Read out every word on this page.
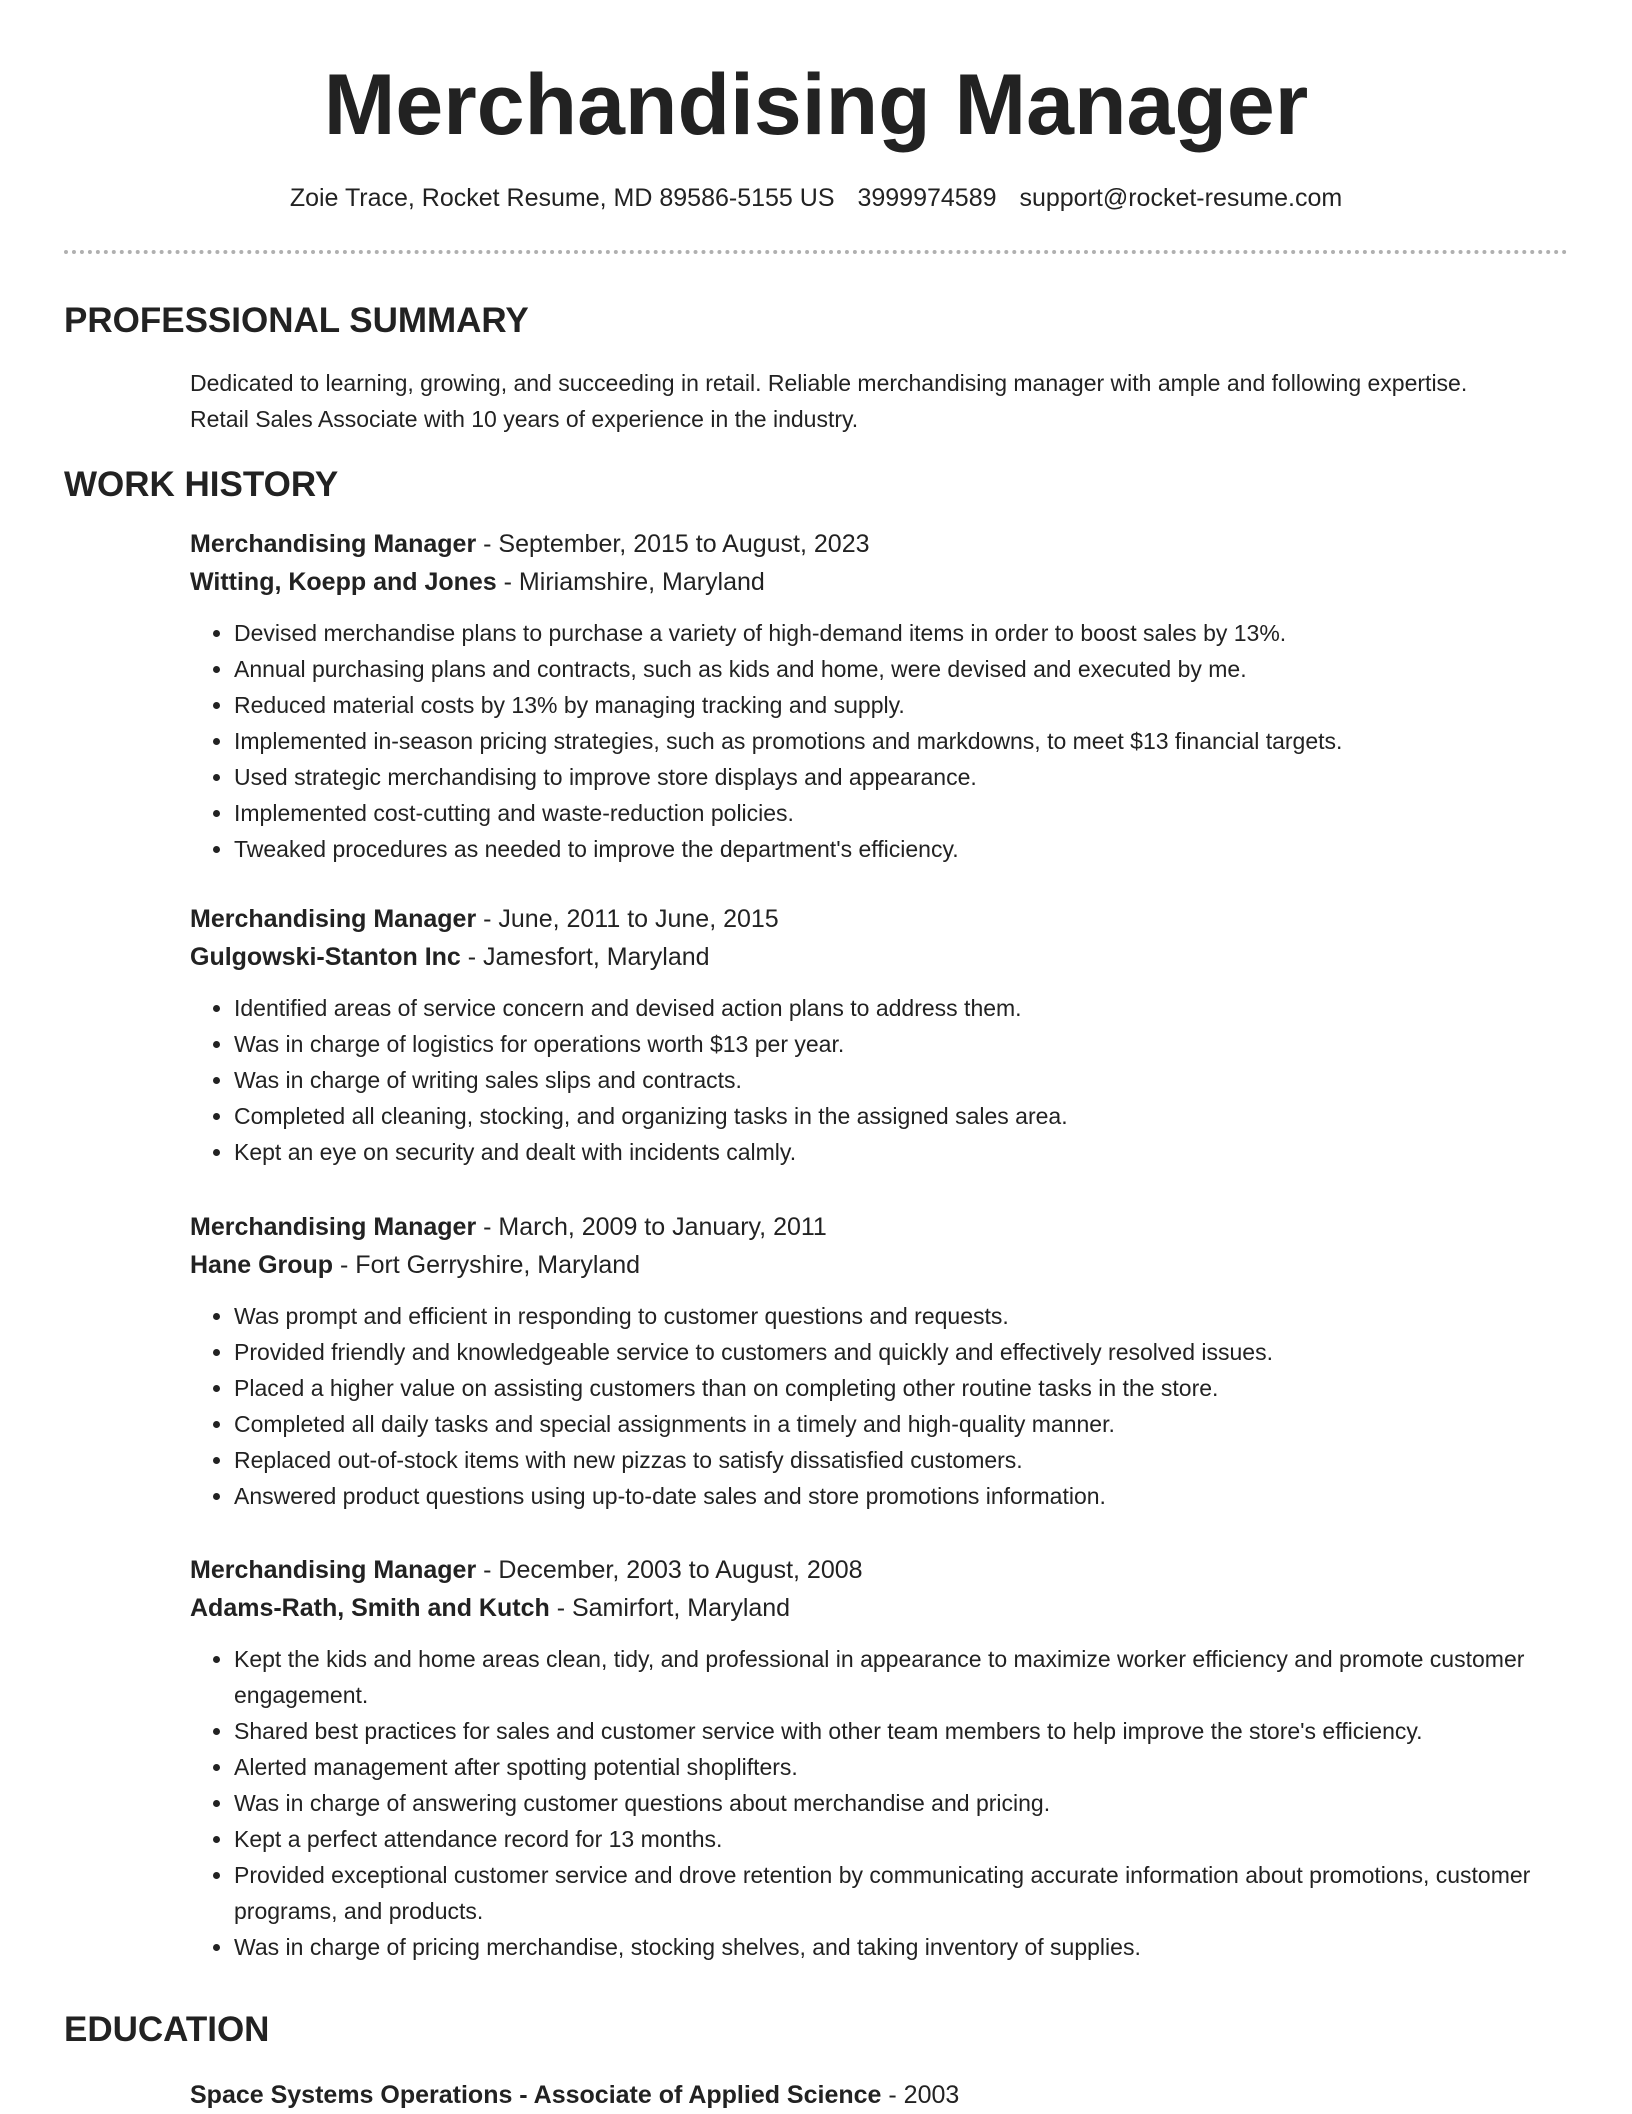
Merchandising Manager
Zoie Trace, Rocket Resume, MD 89586-5155 US 3999974589 support@rocket-resume.com
PROFESSIONAL SUMMARY

Dedicated to learning, growing, and succeeding in retail. Reliable merchandising manager with ample and following expertise. Retail Sales Associate with 10 years of experience in the industry.

WORK HISTORY

Merchandising Manager - September, 2015 to August, 2023

Witting, Koepp and Jones - Miriamshire, Maryland

• Devised merchandise plans to purchase a variety of high-demand items in order to boost sales by 13%.
• Annual purchasing plans and contracts, such as kids and home, were devised and executed by me.
• Reduced material costs by 13% by managing tracking and supply.
• Implemented in-season pricing strategies, such as promotions and markdowns, to meet $13 financial targets.
• Used strategic merchandising to improve store displays and appearance.
• Implemented cost-cutting and waste-reduction policies.
• Tweaked procedures as needed to improve the department's efficiency.

Merchandising Manager - June, 2011 to June, 2015

Gulgowski-Stanton Inc - Jamesfort, Maryland

• Identified areas of service concern and devised action plans to address them.
• Was in charge of logistics for operations worth $13 per year.
• Was in charge of writing sales slips and contracts.
• Completed all cleaning, stocking, and organizing tasks in the assigned sales area.
• Kept an eye on security and dealt with incidents calmly.

Merchandising Manager - March, 2009 to January, 2011

Hane Group - Fort Gerryshire, Maryland

• Was prompt and efficient in responding to customer questions and requests.
• Provided friendly and knowledgeable service to customers and quickly and effectively resolved issues.
• Placed a higher value on assisting customers than on completing other routine tasks in the store.
• Completed all daily tasks and special assignments in a timely and high-quality manner.
• Replaced out-of-stock items with new pizzas to satisfy dissatisfied customers.
• Answered product questions using up-to-date sales and store promotions information.

Merchandising Manager - December, 2003 to August, 2008

Adams-Rath, Smith and Kutch - Samirfort, Maryland

• Kept the kids and home areas clean, tidy, and professional in appearance to maximize worker efficiency and promote customer engagement.
• Shared best practices for sales and customer service with other team members to help improve the store's efficiency.
• Alerted management after spotting potential shoplifters.
• Was in charge of answering customer questions about merchandise and pricing.
• Kept a perfect attendance record for 13 months.
• Provided exceptional customer service and drove retention by communicating accurate information about promotions, customer programs, and products.
• Was in charge of pricing merchandise, stocking shelves, and taking inventory of supplies.
EDUCATION

Space Systems Operations - Associate of Applied Science - 2003
